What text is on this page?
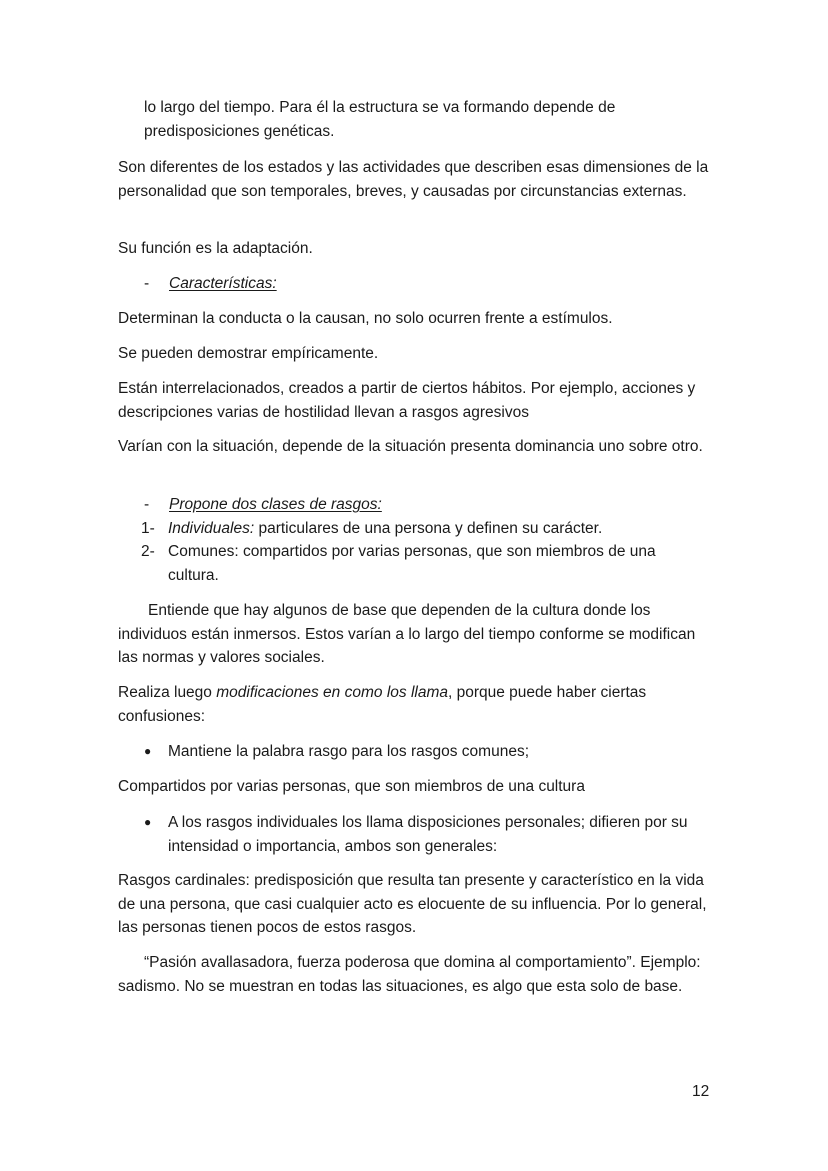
lo largo del tiempo. Para él la estructura se va formando depende de predisposiciones genéticas.

Son diferentes de los estados y las actividades que describen esas dimensiones de la personalidad que son temporales, breves, y causadas por circunstancias externas.

Su función es la adaptación.

- Características:

Determinan la conducta o la causan, no solo ocurren frente a estímulos.

Se pueden demostrar empíricamente.

Están interrelacionados, creados a partir de ciertos hábitos. Por ejemplo, acciones y descripciones varias de hostilidad llevan a rasgos agresivos

Varían con la situación, depende de la situación presenta dominancia uno sobre otro.

- Propone dos clases de rasgos:
1- Individuales: particulares de una persona y definen su carácter.
2- Comunes: compartidos por varias personas, que son miembros de una cultura.

Entiende que hay algunos de base que dependen de la cultura donde los individuos están inmersos. Estos varían a lo largo del tiempo conforme se modifican las normas y valores sociales.

Realiza luego modificaciones en como los llama, porque puede haber ciertas confusiones:

● Mantiene la palabra rasgo para los rasgos comunes;

Compartidos por varias personas, que son miembros de una cultura

● A los rasgos individuales los llama disposiciones personales; difieren por su intensidad o importancia, ambos son generales:

Rasgos cardinales: predisposición que resulta tan presente y característico en la vida de una persona, que casi cualquier acto es elocuente de su influencia. Por lo general, las personas tienen pocos de estos rasgos.

“Pasión avallasadora, fuerza poderosa que domina al comportamiento”. Ejemplo: sadismo. No se muestran en todas las situaciones, es algo que esta solo de base.

12
